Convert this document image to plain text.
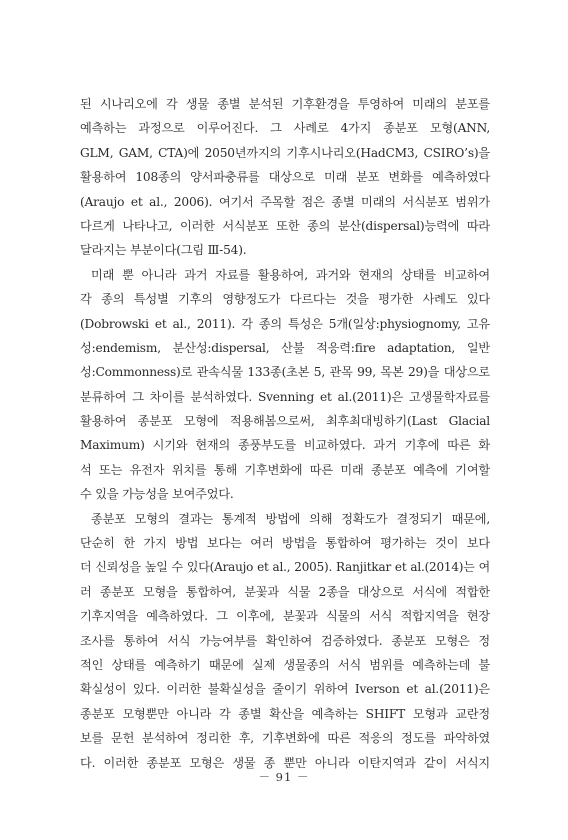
된 시나리오에 각 생물 종별 분석된 기후환경을 투영하여 미래의 분포를
예측하는 과정으로 이루어진다. 그 사례로 4가지 종분포 모형(ANN,
GLM, GAM, CTA)에 2050년까지의 기후시나리오(HadCM3, CSIRO’s)을
활용하여 108종의 양서파충류를 대상으로 미래 분포 변화를 예측하였다
(Araujo et al., 2006). 여기서 주목할 점은 종별 미래의 서식분포 범위가
다르게 나타나고, 이러한 서식분포 또한 종의 분산(dispersal)능력에 따라
달라지는 부분이다(그림 Ⅲ-54).
미래 뿐 아니라 과거 자료를 활용하여, 과거와 현재의 상태를 비교하여
각 종의 특성별 기후의 영향정도가 다르다는 것을 평가한 사례도 있다
(Dobrowski et al., 2011). 각 종의 특성은 5개(일상:physiognomy, 고유
성:endemism, 분산성:dispersal, 산불 적응력:fire adaptation, 일반
성:Commonness)로 관속식물 133종(초본 5, 관목 99, 목본 29)을 대상으로
분류하여 그 차이를 분석하였다. Svenning et al.(2011)은 고생물학자료를
활용하여 종분포 모형에 적용해봄으로써, 최후최대빙하기(Last Glacial
Maximum) 시기와 현재의 종풍부도를 비교하였다. 과거 기후에 따른 화
석 또는 유전자 위치를 통해 기후변화에 따른 미래 종분포 예측에 기여할
수 있을 가능성을 보여주었다.
종분포 모형의 결과는 통계적 방법에 의해 정확도가 결정되기 때문에,
단순히 한 가지 방법 보다는 여러 방법을 통합하여 평가하는 것이 보다
더 신뢰성을 높일 수 있다(Araujo et al., 2005). Ranjitkar et al.(2014)는 여
러 종분포 모형을 통합하여, 분꽃과 식물 2종을 대상으로 서식에 적합한
기후지역을 예측하였다. 그 이후에, 분꽃과 식물의 서식 적합지역을 현장
조사를 통하여 서식 가능여부를 확인하여 검증하였다. 종분포 모형은 정
적인 상태를 예측하기 때문에 실제 생물종의 서식 범위를 예측하는데 불
확실성이 있다. 이러한 불확실성을 줄이기 위하여 Iverson et al.(2011)은
종분포 모형뿐만 아니라 각 종별 확산을 예측하는 SHIFT 모형과 교란정
보를 문헌 분석하여 정리한 후, 기후변화에 따른 적응의 정도를 파악하였
다. 이러한 종분포 모형은 생물 종 뿐만 아니라 이탄지역과 같이 서식지
－ 91 －
